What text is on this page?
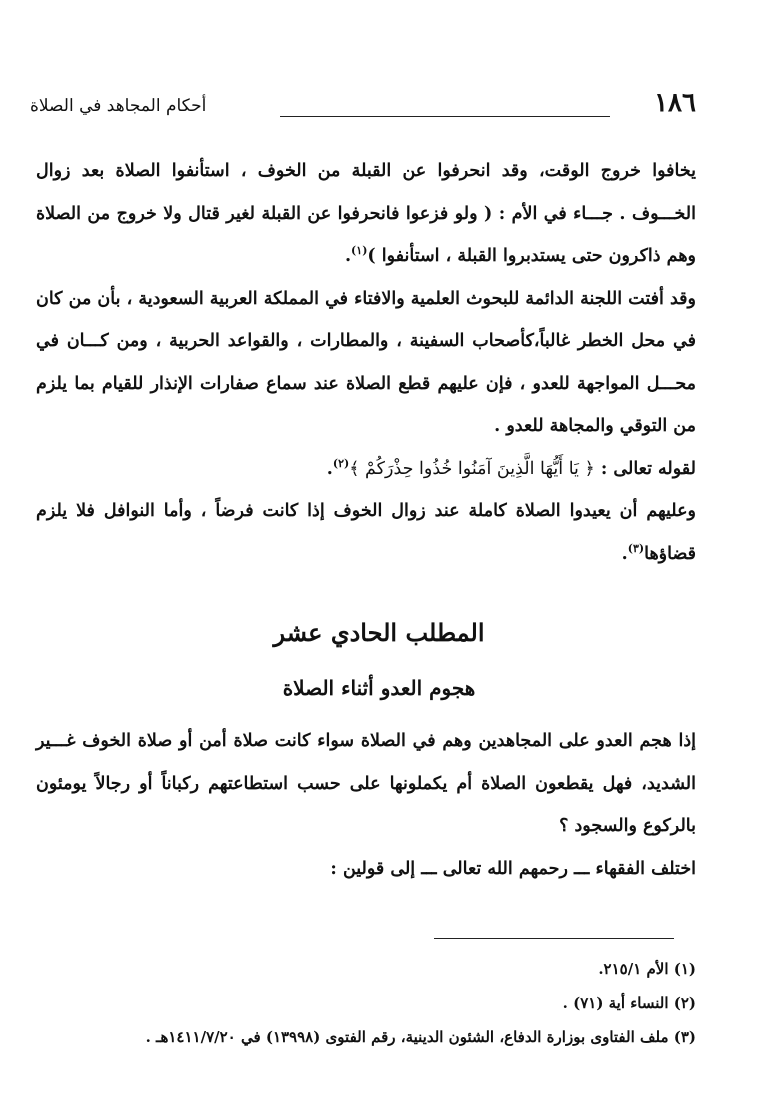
١٨٦
أحكام المجاهد في الصلاة

يخافوا خروج الوقت، وقد انحرفوا عن القبلة من الخوف ، استأنفوا الصلاة بعد زوال الخـــوف . جـــاء في الأم : ( ولو فزعوا فانحرفوا عن القبلة لغير قتال ولا خروج من الصلاة وهم ذاكرون حتى يستدبروا القبلة ، استأنفوا )$^{(١)}$.

وقد أفتت اللجنة الدائمة للبحوث العلمية والافتاء في المملكة العربية السعودية ، بأن من كان في محل الخطر غالباً،كأصحاب السفينة ، والمطارات ، والقواعد الحربية ، ومن كـــان في محـــل المواجهة للعدو ، فإن عليهم قطع الصلاة عند سماع صفارات الإنذار للقيام بما يلزم من التوقي والمجاهة للعدو .

لقوله تعالى : ﴿ يَا أَيُّهَا الَّذِينَ آمَنُوا خُذُوا حِذْرَكُمْ ﴾$^{(٢)}$.

وعليهم أن يعيدوا الصلاة كاملة عند زوال الخوف إذا كانت فرضاً ، وأما النوافل فلا يلزم قضاؤها$^{(٣)}$.

المطلب الحادي عشر
هجوم العدو أثناء الصلاة

إذا هجم العدو على المجاهدين وهم في الصلاة سواء كانت صلاة أمن أو صلاة الخوف غـــير الشديد، فهل يقطعون الصلاة أم يكملونها على حسب استطاعتهم ركباناً أو رجالاً يومئون بالركوع والسجود ؟

اختلف الفقهاء ـــ رحمهم الله تعالى ـــ إلى قولين :

(١) الأم ٢١٥/١.

(٢) النساء أية (٧١) .

(٣) ملف الفتاوى بوزارة الدفاع، الشئون الدينية، رقم الفتوى (١٣٩٩٨) في ١٤١١/٧/٢٠هـ .
